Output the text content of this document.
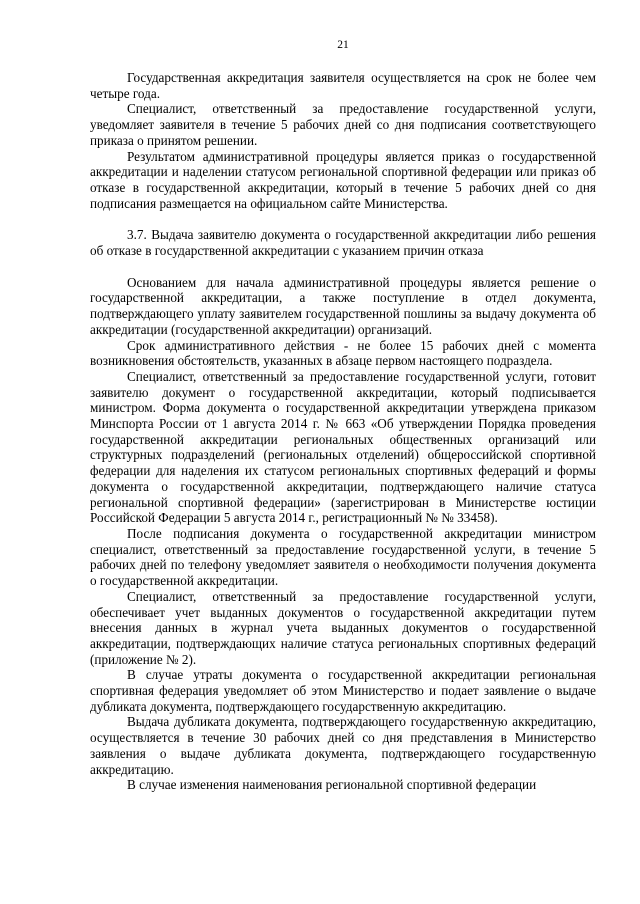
21

Государственная аккредитация заявителя осуществляется на срок не более чем четыре года.

Специалист, ответственный за предоставление государственной услуги, уведомляет заявителя в течение 5 рабочих дней со дня подписания соответствующего приказа о принятом решении.

Результатом административной процедуры является приказ о государственной аккредитации и наделении статусом региональной спортивной федерации или приказ об отказе в государственной аккредитации, который в течение 5 рабочих дней со дня подписания размещается на официальном сайте Министерства.

3.7. Выдача заявителю документа о государственной аккредитации либо решения об отказе в государственной аккредитации с указанием причин отказа

Основанием для начала административной процедуры является решение о государственной аккредитации, а также поступление в отдел документа, подтверждающего уплату заявителем государственной пошлины за выдачу документа об аккредитации (государственной аккредитации) организаций.

Срок административного действия - не более 15 рабочих дней с момента возникновения обстоятельств, указанных в абзаце первом настоящего подраздела.

Специалист, ответственный за предоставление государственной услуги, готовит заявителю документ о государственной аккредитации, который подписывается министром. Форма документа о государственной аккредитации утверждена приказом Минспорта России от 1 августа 2014 г. № 663 «Об утверждении Порядка проведения государственной аккредитации региональных общественных организаций или структурных подразделений (региональных отделений) общероссийской спортивной федерации для наделения их статусом региональных спортивных федераций и формы документа о государственной аккредитации, подтверждающего наличие статуса региональной спортивной федерации» (зарегистрирован в Министерстве юстиции Российской Федерации 5 августа 2014 г., регистрационный № № 33458).

После подписания документа о государственной аккредитации министром специалист, ответственный за предоставление государственной услуги, в течение 5 рабочих дней по телефону уведомляет заявителя о необходимости получения документа о государственной аккредитации.

Специалист, ответственный за предоставление государственной услуги, обеспечивает учет выданных документов о государственной аккредитации путем внесения данных в журнал учета выданных документов о государственной аккредитации, подтверждающих наличие статуса региональных спортивных федераций (приложение № 2).

В случае утраты документа о государственной аккредитации региональная спортивная федерация уведомляет об этом Министерство и подает заявление о выдаче дубликата документа, подтверждающего государственную аккредитацию.

Выдача дубликата документа, подтверждающего государственную аккредитацию, осуществляется в течение 30 рабочих дней со дня представления в Министерство заявления о выдаче дубликата документа, подтверждающего государственную аккредитацию.

В случае изменения наименования региональной спортивной федерации
